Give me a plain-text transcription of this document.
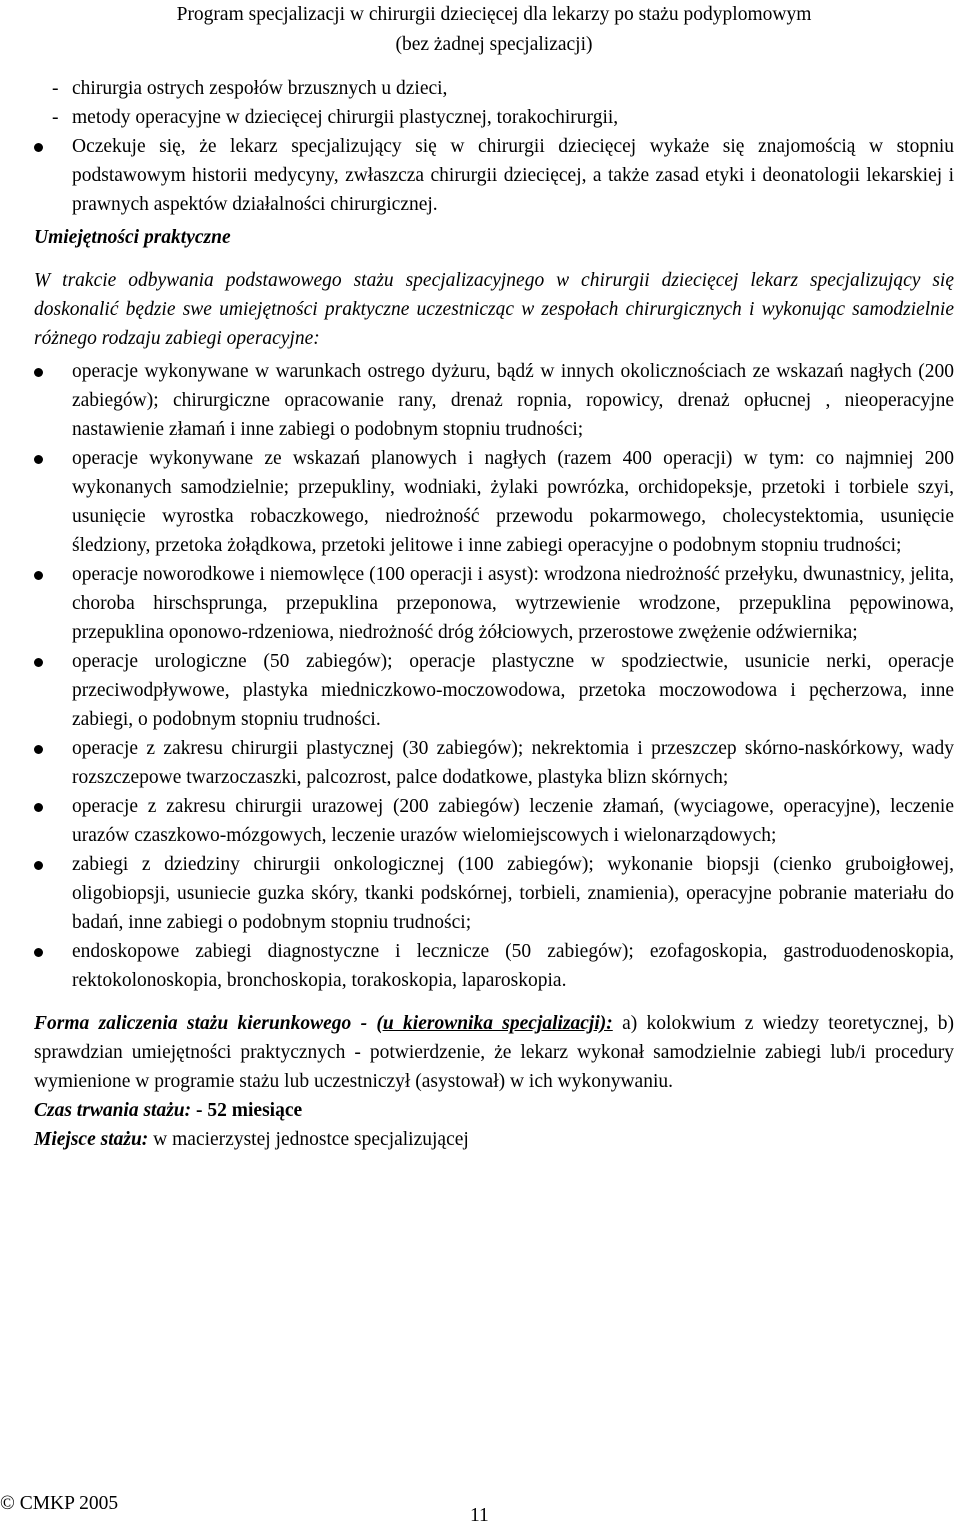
Program specjalizacji w chirurgii dziecięcej dla lekarzy po stażu podyplomowym
(bez żadnej specjalizacji)
- chirurgia ostrych zespołów brzusznych u dzieci,
- metody operacyjne w dziecięcej chirurgii plastycznej, torakochirurgii,
Oczekuje się, że lekarz specjalizujący się w chirurgii dziecięcej wykaże się znajomością w stopniu podstawowym historii medycyny, zwłaszcza chirurgii dziecięcej, a także zasad etyki i deonatologii lekarskiej i prawnych aspektów działalności chirurgicznej.
Umiejętności praktyczne
W trakcie odbywania podstawowego stażu specjalizacyjnego w chirurgii dziecięcej lekarz specjalizujący się doskonalić będzie swe umiejętności praktyczne uczestnicząc w zespołach chirurgicznych i wykonując samodzielnie różnego rodzaju zabiegi operacyjne:
operacje wykonywane w warunkach ostrego dyżuru, bądź w innych okolicznościach ze wskazań nagłych (200 zabiegów); chirurgiczne opracowanie rany, drenaż ropnia, ropowicy, drenaż opłucnej , nieoperacyjne nastawienie złamań i inne zabiegi o podobnym stopniu trudności;
operacje wykonywane ze wskazań planowych i nagłych (razem 400 operacji) w tym: co najmniej 200 wykonanych samodzielnie; przepukliny, wodniaki, żylaki powrózka, orchidopeksje, przetoki i torbiele szyi, usunięcie wyrostka robaczkowego, niedrożność przewodu pokarmowego, cholecystektomia, usunięcie śledziony, przetoka żołądkowa, przetoki jelitowe i inne zabiegi operacyjne o podobnym stopniu trudności;
operacje noworodkowe i niemowlęce (100 operacji i asyst): wrodzona niedrożność przełyku, dwunastnicy, jelita, choroba hirschsprunga, przepuklina przeponowa, wytrzewienie wrodzone, przepuklina pępowinowa, przepuklina oponowo-rdzeniowa, niedrożność dróg żółciowych, przerostowe zwężenie odźwiernika;
operacje urologiczne (50 zabiegów); operacje plastyczne w spodziectwie, usunicie nerki, operacje przeciwodpływowe, plastyka miedniczkowo-moczowodowa, przetoka moczowodowa i pęcherzowa, inne zabiegi, o podobnym stopniu trudności.
operacje z zakresu chirurgii plastycznej (30 zabiegów); nekrektomia i przeszczep skórno-naskórkowy, wady rozszczepowe twarzoczaszki, palcozrost, palce dodatkowe, plastyka blizn skórnych;
operacje z zakresu chirurgii urazowej (200 zabiegów) leczenie złamań, (wyciagowe, operacyjne), leczenie urazów czaszkowo-mózgowych, leczenie urazów wielomiejscowych i wielonarządowych;
zabiegi z dziedziny chirurgii onkologicznej (100 zabiegów); wykonanie biopsji (cienko gruboigłowej, oligobiopsji, usuniecie guzka skóry, tkanki podskórnej, torbieli, znamienia), operacyjne pobranie materiału do badań, inne zabiegi o podobnym stopniu trudności;
endoskopowe zabiegi diagnostyczne i lecznicze (50 zabiegów); ezofagoskopia, gastroduodenoskopia, rektokolonoskopia, bronchoskopia, torakoskopia, laparoskopia.
Forma zaliczenia stażu kierunkowego - (u kierownika specjalizacji): a) kolokwium z wiedzy teoretycznej, b) sprawdzian umiejętności praktycznych - potwierdzenie, że lekarz wykonał samodzielnie zabiegi lub/i procedury wymienione w programie stażu lub uczestniczył (asystował) w ich wykonywaniu.
Czas trwania stażu: - 52 miesiące
Miejsce stażu: w macierzystej jednostce specjalizującej
© CMKP 2005
11
